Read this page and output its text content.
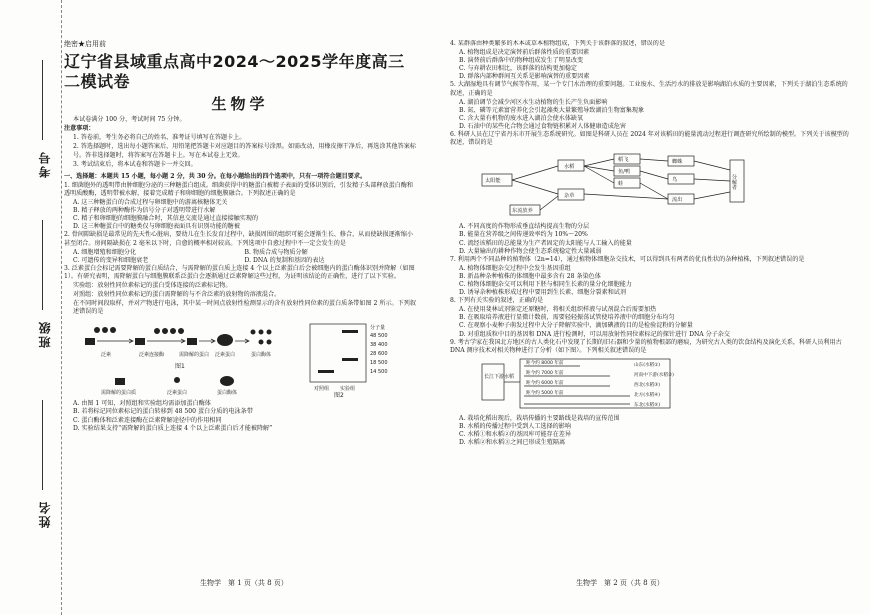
考号
班级
姓名
绝密★启用前
辽宁省县域重点高中2024～2025学年度高三二模试卷
生物学
本试卷满分 100 分，考试时间 75 分钟。
注意事项：
1. 答卷前，考生务必将自己的姓名、准考证号填写在答题卡上。
2. 答选择题时，选出每小题答案后，用铅笔把答题卡对应题目的答案标号涂黑。如需改动，用橡皮擦干净后，再选涂其他答案标号。答非选择题时，将答案写在答题卡上。写在本试卷上无效。
3. 考试结束后，将本试卷和答题卡一并交回。
一、选择题：本题共 15 小题，每小题 2 分，共 30 分。在每小题给出的四个选项中，只有一项符合题目要求。
1. 细菌胞外的透明带由肿细胞分泌的三种糖蛋白组成。细菌获得中的糖蛋白被精子表面的受体识别后，引发精子头部释放蛋白酶和透明质酸酶，透明带被水解，接着完成精子和卵细胞的细胞膜融合。下列叙述正确的是
A. 这三种糖蛋白的合成过程与卵细胞中的游离核糖体无关
B. 精子释放的两种酶作为信号分子对透明带进行水解
C. 精子和卵细胞的细胞膜融合时，其信息交流是通过直接接触实现的
D. 这三种糖蛋白中的糖类仅与卵细胞表面具有识别功能的糖被
2. 骨间隙缺损是最常见的先天性心脏病，要幼儿在生长发育过程中，缺损周围的组织可能会逐渐生长、修合，从而使缺损逐渐缩小甚至闭合。房间隔缺损在 2 毫米以下时，自愈的概率相对较高。下列选项中自愈过程中不一定会发生的是
A. 细胞增殖和细胞分化	B. 物质合成与物质分解
C. 可遗传的变异和细胞衰老	D. DNA 的复制和基因的表达
3. 泛素蛋白会标记需要降解的蛋白质结合，与需降解的蛋白质上连接 4 个以上泛素蛋白后会被细胞内的蛋白酶体识别并降解（如图 1）。有研究表明，需降解蛋白与细胞膜联系泛蛋白会逐渐通过泛素降解这些过程，为证明该结论的正确性，进行了以下实验。
实验组：放射性同位素标记的蛋白受体连接的泛素标记物。
对照组：放射性同位素标记的蛋白需降解的与不含泛素的放射物的溶液混合。
在不同时间段取样，并对产物进行电泳，其中某一时间点放射性检测显示的含有放射性同位素的蛋白质条带如图 2 所示。下列叙述错误的是
泛素	泛素连接酶	需降解的蛋白 泛素蛋白	蛋白酶体
需降解的蛋白质	泛素蛋白	蛋白酶体
图1
分子量
48 500
38 400
28 600
18 500
14 500
对照组 实验组
图2
A. 由图 1 可知，对照组和实验组均需添加蛋白酶体
B. 若将标记同位素标记的蛋白转移到 48 500 蛋白分质的电泳条带
C. 蛋白酶体和泛素连接酶在泛素降解途径中的作用相同
D. 实验结果支持“需降解的蛋白质上连接 4 个以上泛素蛋白后才能被降解”
4. 某群落由种类繁多的木本或草本植物组成，下列关于该群落的叙述，错误的是
A. 植物组成是决定演替前后群落性质的重要因素
B. 演替前后群落中的物种组成发生了明显改变
C. 与弃耕农田相比，该群落的结构更加稳定
D. 群落内部种群间互关系是影响演替的重要因素
5. 大湖湿地具有调节气候等作用，某一个专门水治理的重要问题。工业废水、生活污水的排放是影响湖泊水质的主要因素，下列关于湖泊生态系统的叙述，正确的是
A. 湖泊调节会减少河区水生动植物的生长产生负面影响
B. 氮、磷等元素富营养化会引起藻类大量繁殖导致湖泊生物富集现象
C. 含大量有机物的废水进入湖泊会使水体缺氧
D. 石油中的某些化合物会通过食物链积累对人体健康造成危害
6. 科研人员在辽宁省丹东市开展生态系统研究。如图是科研人员在 2024 年对该稻田的能量流动过程进行调查研究所绘制的模型。下列关于该模型的叙述，错误的是
太阳能
水稻
杂草
稻飞
鱼/鸭
蛙
蜘蛛
鸟
流出
分解者
东流放养
A. 不同高度的作物形成垂直结构提高生物的分层
B. 能量在营养级之间传递效率约为 10%～20%
C. 流经该稻田的总能量为生产者固定的太阳能与人工输入的能量
D. 大量输出的耕种作物会使生态系统稳定性大量减弱
7. 利用两个不同品种的植物体（2n=14），通过植物体细胞杂交技术，可以得到具有两者的优良性状的杂种植株，下列叙述错误的是
A. 植物体细胞杂交过程中会发生基因重组
B. 新品种杂种植株的体细胞中最多含有 28 条染色体
C. 植物体细胞杂交可以利用下胚与相同生长素的量分化细胞能力
D. 诱导杂种植株形成过程中要用到生长素、细胞分裂素和试剂
8. 下列有关实验的叙述，正确的是
A. 在使用斐林试剂鉴定还原糖时，将相关组织样液与试剂混合后需要加热
B. 在吸取培养液进行显微计数前，需要轻轻振荡试管使培养液中的细胞分布均匀
C. 在观察小麦种子萌发过程中大分子降解实验中，滴加碘液的目的是检验淀粉的分解量
D. 对重组质粒中目的基因和 DNA 进行检测时，可以用放射性同位素标记的探针进行 DNA 分子杂交
9. 考古学家在我国北方地区的古人类化石中发现了长期的旧石器和少量的植物根部的磨痕，为研究古人类的饮食结构及演化关系，科研人员利用古 DNA 测序技术对相关物种进行了分析（如下图）。下列相关叙述错误的是
长江下游水稻
距今约 8000 年前
距今约 7000 年前
距今约 6000 年前
距今约 5000 年前
山东(水稻①)
河南中下游(水稻②)
西北(水稻③)
北方(水稻④)
东北(水稻⑤)
A. 栽培化稻出现后，栽培传播的主要路线是栽培的宣传范围
B. 水稻的传播过程中受到人工选择的影响
C. 水稻①和水稻②的基因库可能存在差异
D. 水稻②和水稻③之间已形成生殖隔离
生物学　第 1 页（共 8 页）	生物学　第 2 页（共 8 页）
